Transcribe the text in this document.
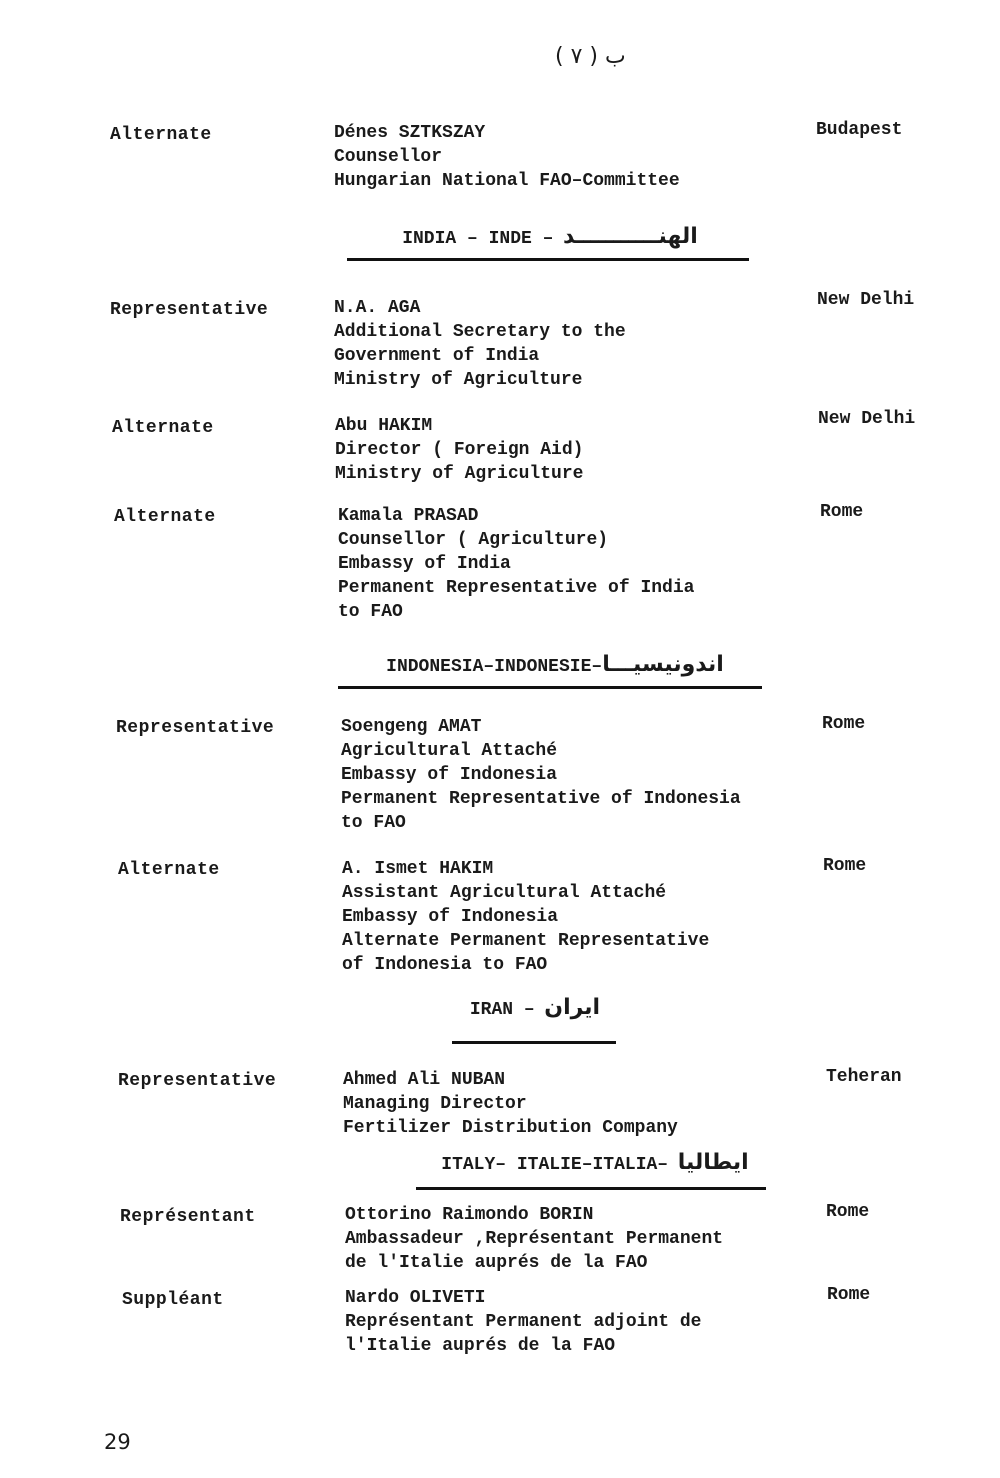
ب ( ٧ )
Alternate	Dénes SZTKSZAY
Counsellor
Hungarian National FAO–Committee
Budapest
INDIA – INDE – الهنـــــــــــد
Representative	N.A. AGA
Additional Secretary to the
Government of India
Ministry of Agriculture
New Delhi
Alternate	Abu HAKIM
Director ( Foreign Aid)
Ministry of Agriculture
New Delhi
Alternate	Kamala PRASAD
Counsellor ( Agriculture)
Embassy of India
Permanent Representative of India
to FAO
Rome
INDONESIA–INDONESIE–اندونيسيـــا
Representative	Soengeng AMAT
Agricultural Attaché
Embassy of Indonesia
Permanent Representative of Indonesia
to FAO
Rome
Alternate	A. Ismet HAKIM
Assistant Agricultural Attaché
Embassy of Indonesia
Alternate Permanent Representative
of Indonesia to FAO
Rome
IRAN – ايران
Representative	Ahmed Ali NUBAN
Managing Director
Fertilizer Distribution Company
Teheran
ITALY– ITALIE–ITALIA– ايطاليا
Représentant	Ottorino Raimondo BORIN
Ambassadeur ,Représentant Permanent
de l'Italie auprés de la FAO
Rome
Suppléant	Nardo OLIVETI
Représentant Permanent adjoint de
l'Italie auprés de la FAO
Rome
29
